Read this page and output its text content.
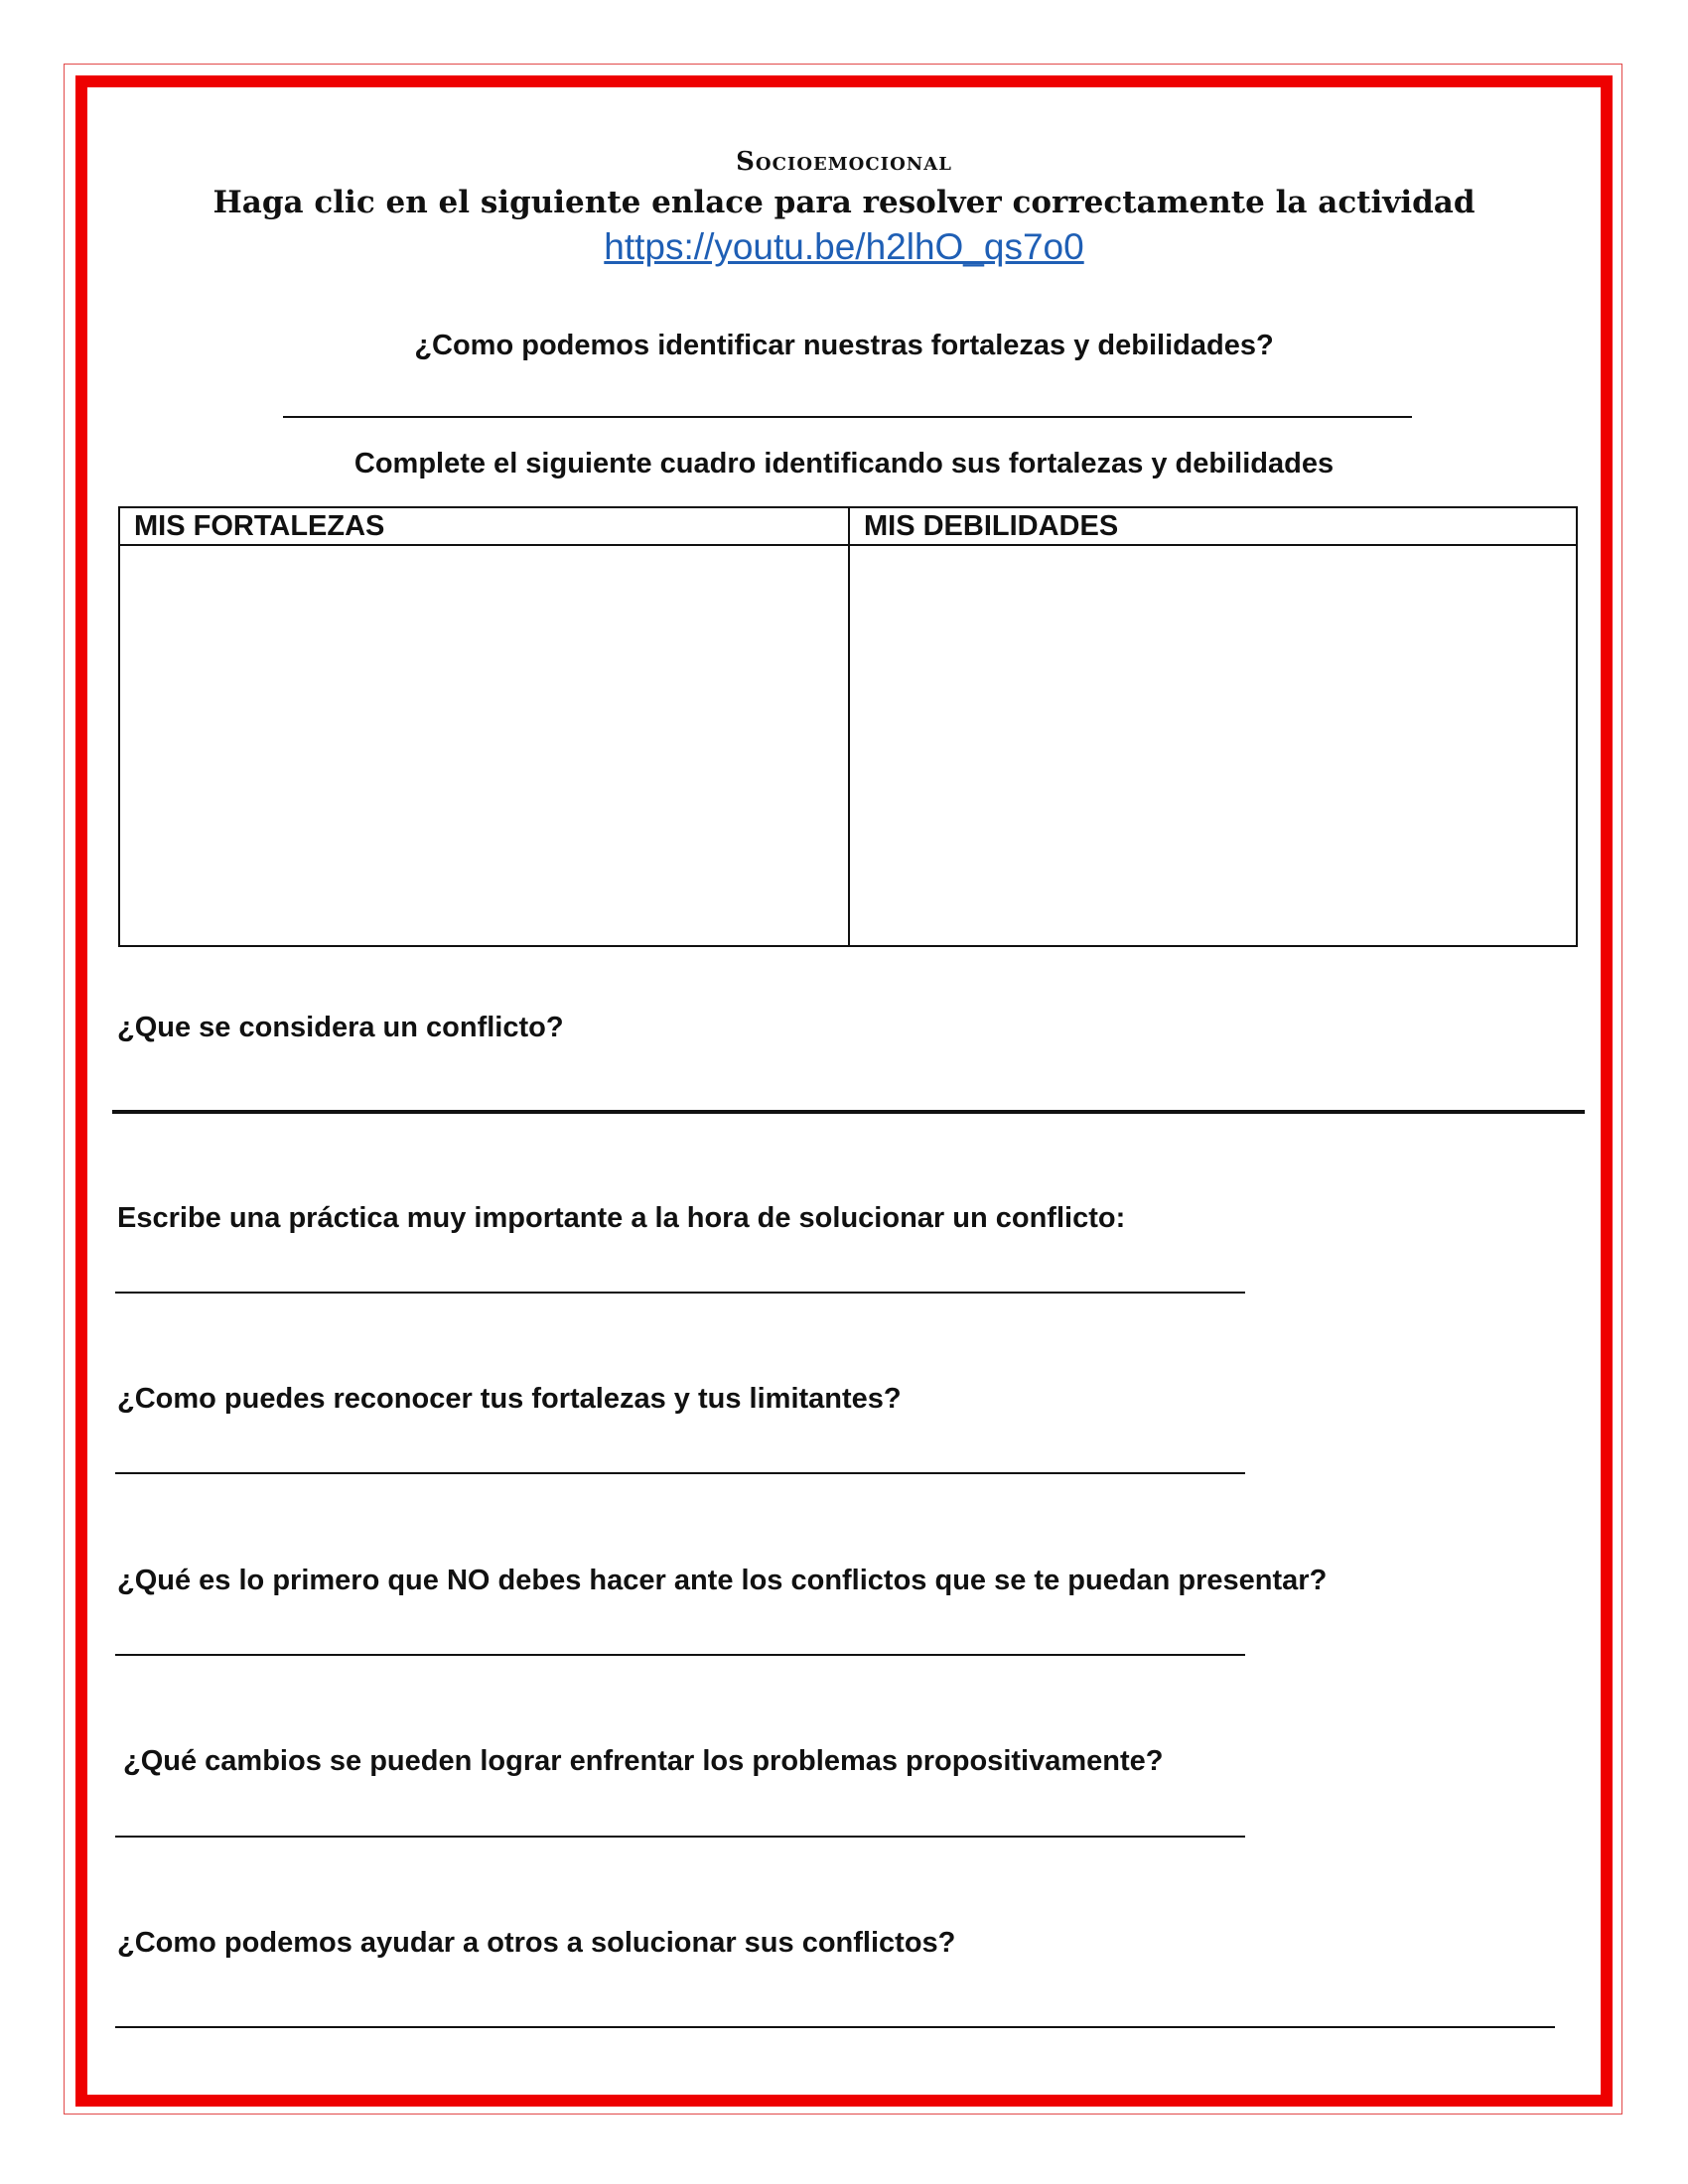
Socioemocional
Haga clic en el siguiente enlace para resolver correctamente la actividad
https://youtu.be/h2lhO_qs7o0
¿Como podemos identificar nuestras fortalezas y debilidades?
Complete el siguiente cuadro identificando sus fortalezas y debilidades
MIS FORTALEZAS	MIS DEBILIDADES
¿Que se considera un conflicto?
Escribe una práctica muy importante a la hora de solucionar un conflicto:
¿Como puedes reconocer tus fortalezas y tus limitantes?
¿Qué es lo primero que NO debes hacer ante los conflictos que se te puedan presentar?
¿Qué cambios se pueden lograr enfrentar los problemas propositivamente?
¿Como podemos ayudar a otros a solucionar sus conflictos?
